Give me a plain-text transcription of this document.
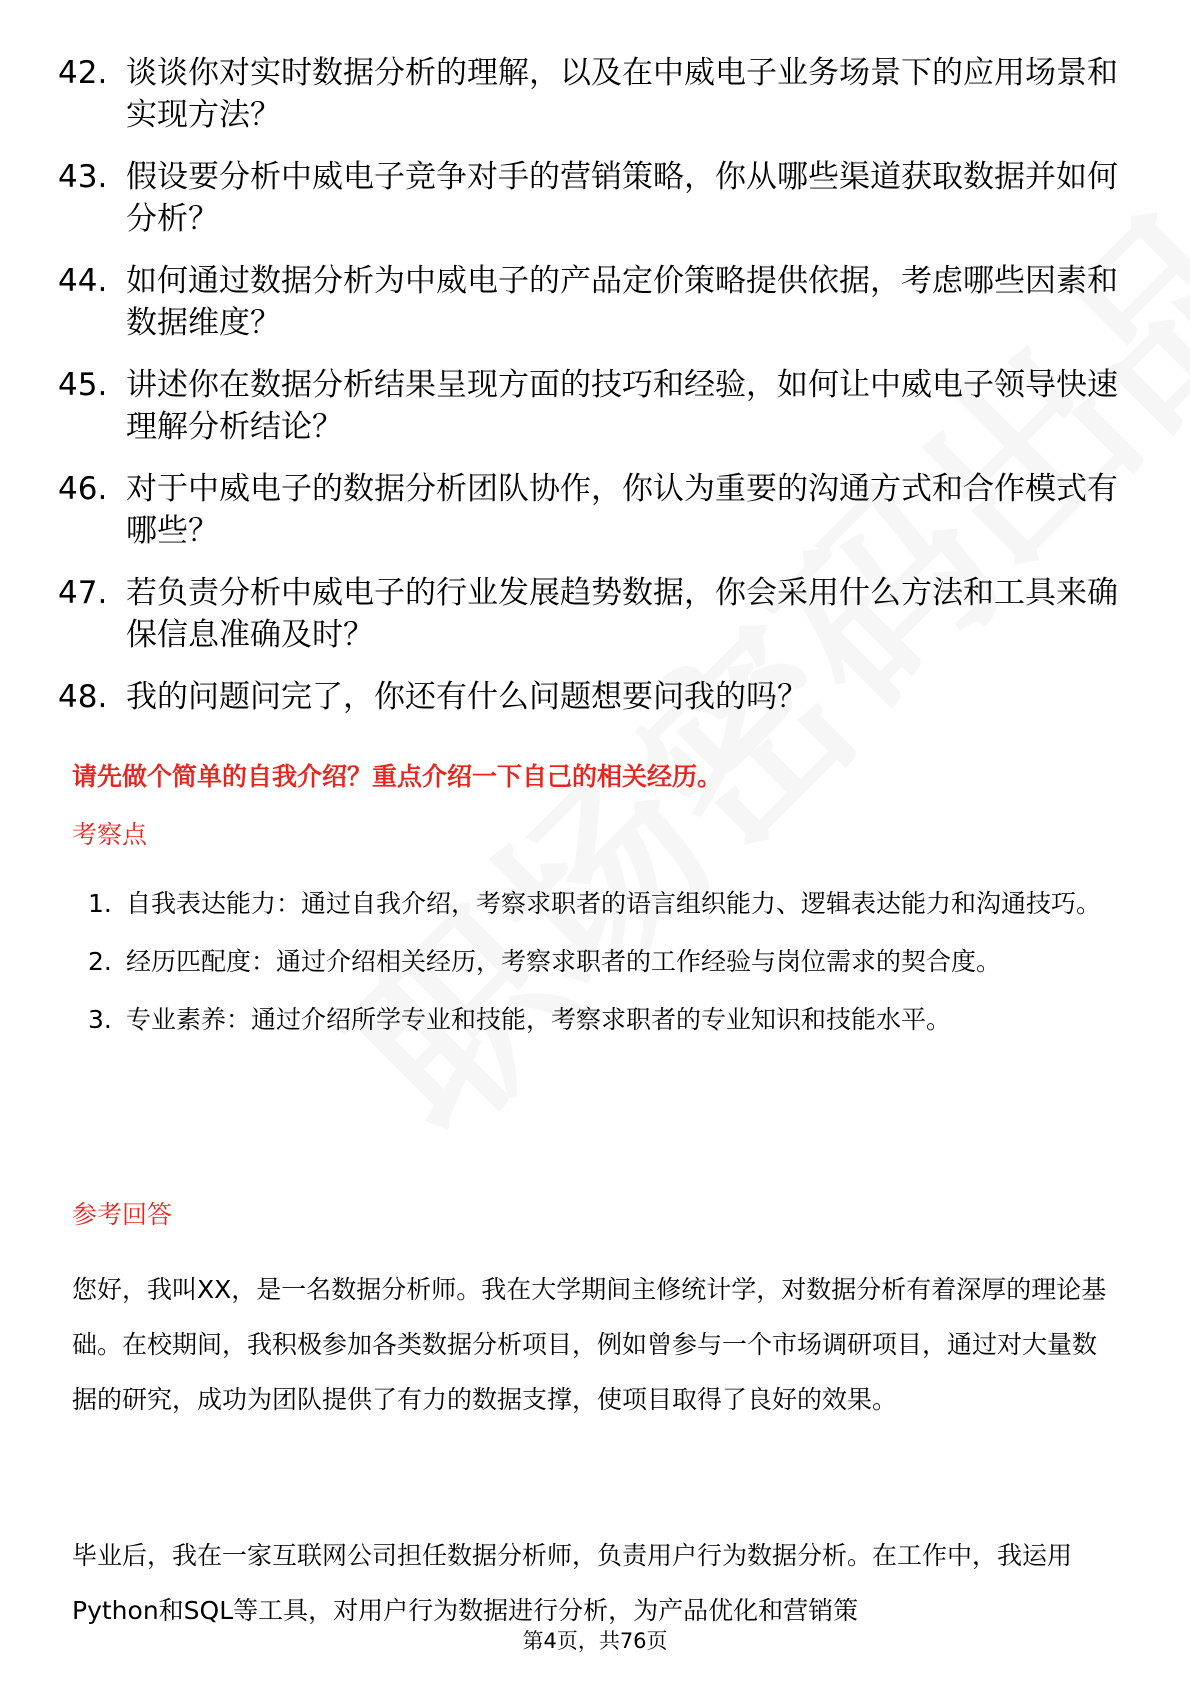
42. 谈谈你对实时数据分析的理解，以及在中威电子业务场景下的应用场景和实现方法？
43. 假设要分析中威电子竞争对手的营销策略，你从哪些渠道获取数据并如何分析？
44. 如何通过数据分析为中威电子的产品定价策略提供依据，考虑哪些因素和数据维度？
45. 讲述你在数据分析结果呈现方面的技巧和经验，如何让中威电子领导快速理解分析结论？
46. 对于中威电子的数据分析团队协作，你认为重要的沟通方式和合作模式有哪些？
47. 若负责分析中威电子的行业发展趋势数据，你会采用什么方法和工具来确保信息准确及时？
48. 我的问题问完了，你还有什么问题想要问我的吗？
请先做个简单的自我介绍？重点介绍一下自己的相关经历。
考察点
1. 自我表达能力：通过自我介绍，考察求职者的语言组织能力、逻辑表达能力和沟通技巧。
2. 经历匹配度：通过介绍相关经历，考察求职者的工作经验与岗位需求的契合度。
3. 专业素养：通过介绍所学专业和技能，考察求职者的专业知识和技能水平。
参考回答
您好，我叫XX，是一名数据分析师。我在大学期间主修统计学，对数据分析有着深厚的理论基础。在校期间，我积极参加各类数据分析项目，例如曾参与一个市场调研项目，通过对大量数据的研究，成功为团队提供了有力的数据支撑，使项目取得了良好的效果。
毕业后，我在一家互联网公司担任数据分析师，负责用户行为数据分析。在工作中，我运用Python和SQL等工具，对用户行为数据进行分析，为产品优化和营销策
第4页，共76页
